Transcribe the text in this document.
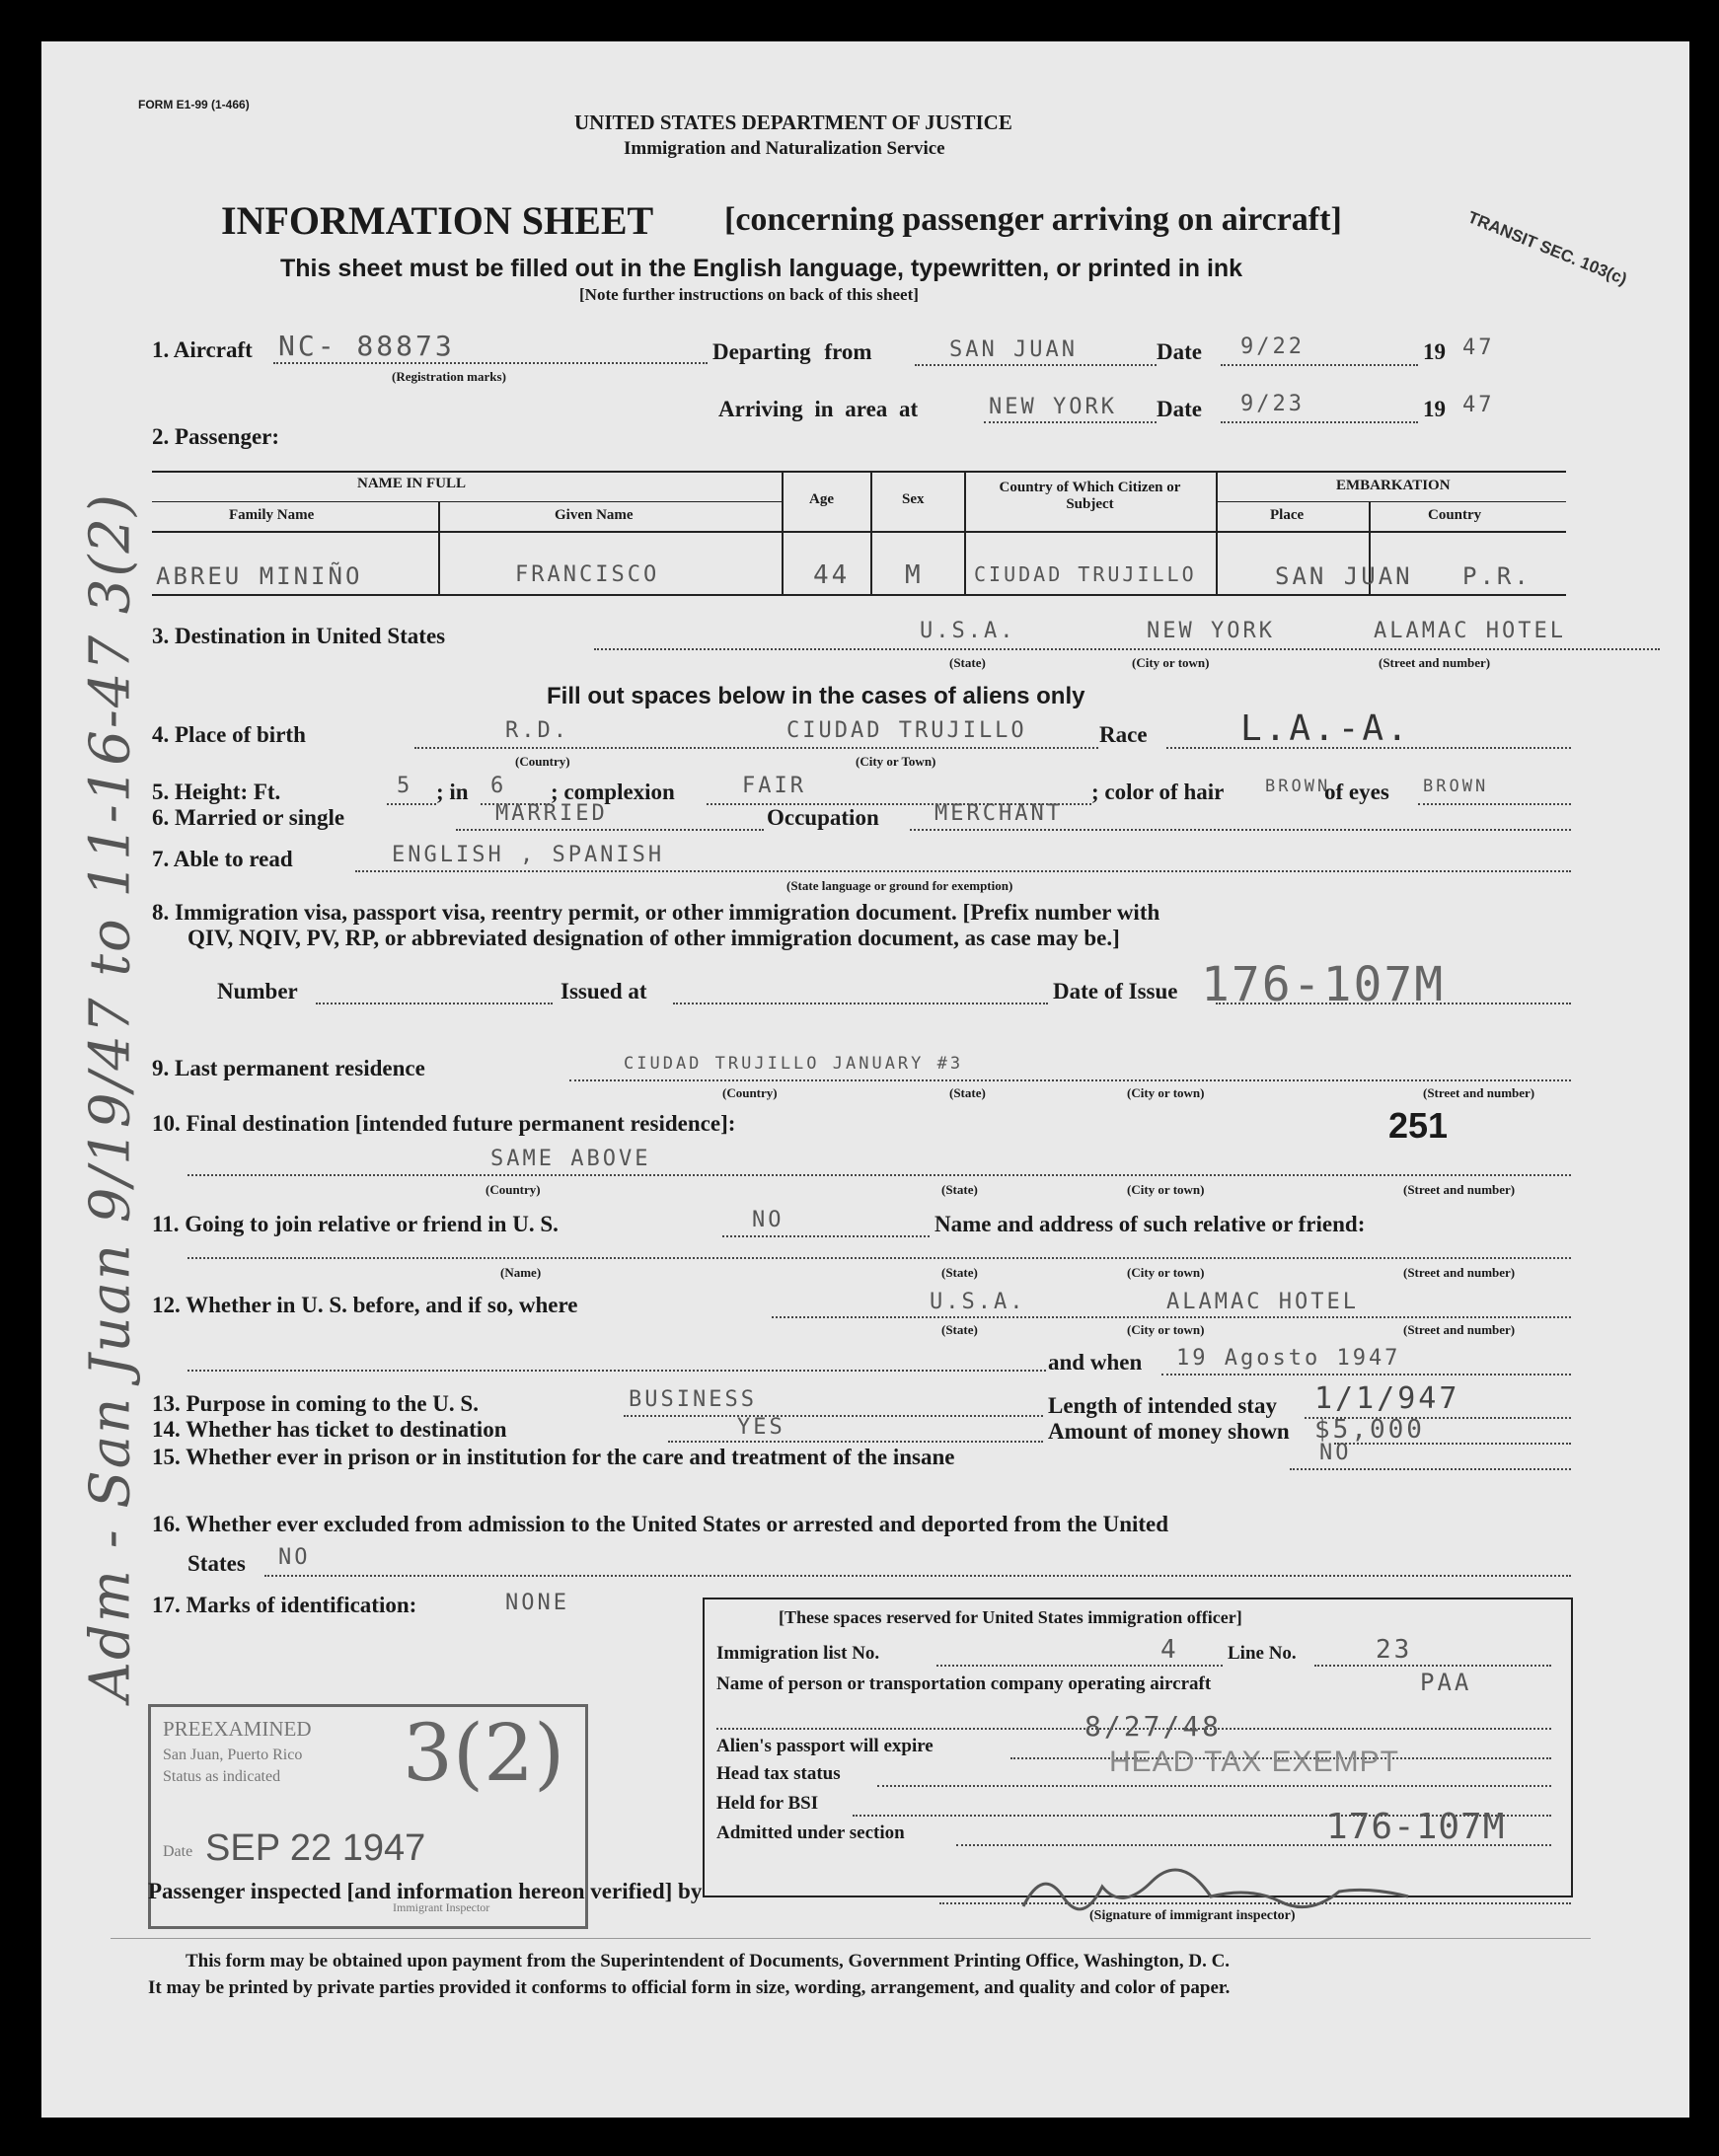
FORM E1-99 (1-466)
UNITED STATES DEPARTMENT OF JUSTICE
Immigration and Naturalization Service
INFORMATION SHEET [concerning passenger arriving on aircraft]
This sheet must be filled out in the English language, typewritten, or printed in ink
[Note further instructions on back of this sheet]
TRANSIT SEC. 103(c)
1. Aircraft NC- 88873
(Registration marks)
Departing from	SAN JUAN	Date 9/22	19 47
Arriving in area at	NEW YORK Date 9/23	19 47
2. Passenger:
NAME IN FULL
Family Name	Given Name
Age	Sex
Country of Which Citizen or Subject
EMBARKATION
Place	Country
ABREU MINIÑO	FRANCISCO	44 M	CIUDAD TRUJILLO	SAN JUAN P.R.
3. Destination in United States	U.S.A.	NEW YORK	ALAMAC HOTEL
(State)	(City or town)	(Street and number)
Fill out spaces below in the cases of aliens only
4. Place of birth	R.D.	CIUDAD TRUJILLO	Race	L.A.-A.
(Country)	(City or Town)
5. Height: Ft.	5 ; in 6 ; complexion	FAIR	; color of hair BROWN
of eyes BROWN
6. Married or single	MARRIED	Occupation	MERCHANT
7. Able to read	ENGLISH , SPANISH
(State language or ground for exemption)
8. Immigration visa, passport visa, reentry permit, or other immigration document. [Prefix number with
QIV, NQIV, PV, RP, or abbreviated designation of other immigration document, as case may be.]
Number	Issued at	Date of Issue 176-107M
9. Last permanent residence	CIUDAD TRUJILLO JANUARY #3
(Country)	(State)	(City or town)	(Street and number)
10. Final destination [intended future permanent residence]:	251
SAME ABOVE
(Country)	(State)	(City or town)	(Street and number)
11. Going to join relative or friend in U. S.	NO	Name and address of such relative or friend:
(Name)	(State)	(City or town)	(Street and number)
12. Whether in U. S. before, and if so, where	U.S.A.	ALAMAC HOTEL
(State)	(City or town)	(Street and number)
and when 19 Agosto 1947
13. Purpose in coming to the U. S.	BUSINESS	Length of intended stay 1/1/947
14. Whether has ticket to destination	YES	Amount of money shown $5,000
15. Whether ever in prison or in institution for the care and treatment of the insane	NO
16. Whether ever excluded from admission to the United States or arrested and deported from the United
States NO
17. Marks of identification:	NONE
[These spaces reserved for United States immigration officer]
Immigration list No.	4	Line No.	23
Name of person or transportation company operating aircraft	PAA
Alien's passport will expire
8/27/48
Head tax status	HEAD TAX EXEMPT
Held for BSI
Admitted under section	176-107M
PREEXAMINED
San Juan, Puerto Rico
Status as indicated
Date SEP 22 1947
3(2)
Immigrant Inspector
Passenger inspected [and information hereon verified] by
(Signature of immigrant inspector)
This form may be obtained upon payment from the Superintendent of Documents, Government Printing Office, Washington, D. C.
It may be printed by private parties provided it conforms to official form in size, wording, arrangement, and quality and color of paper.
Adm - San Juan 9/19/47 to 11-16-47 3(2)
